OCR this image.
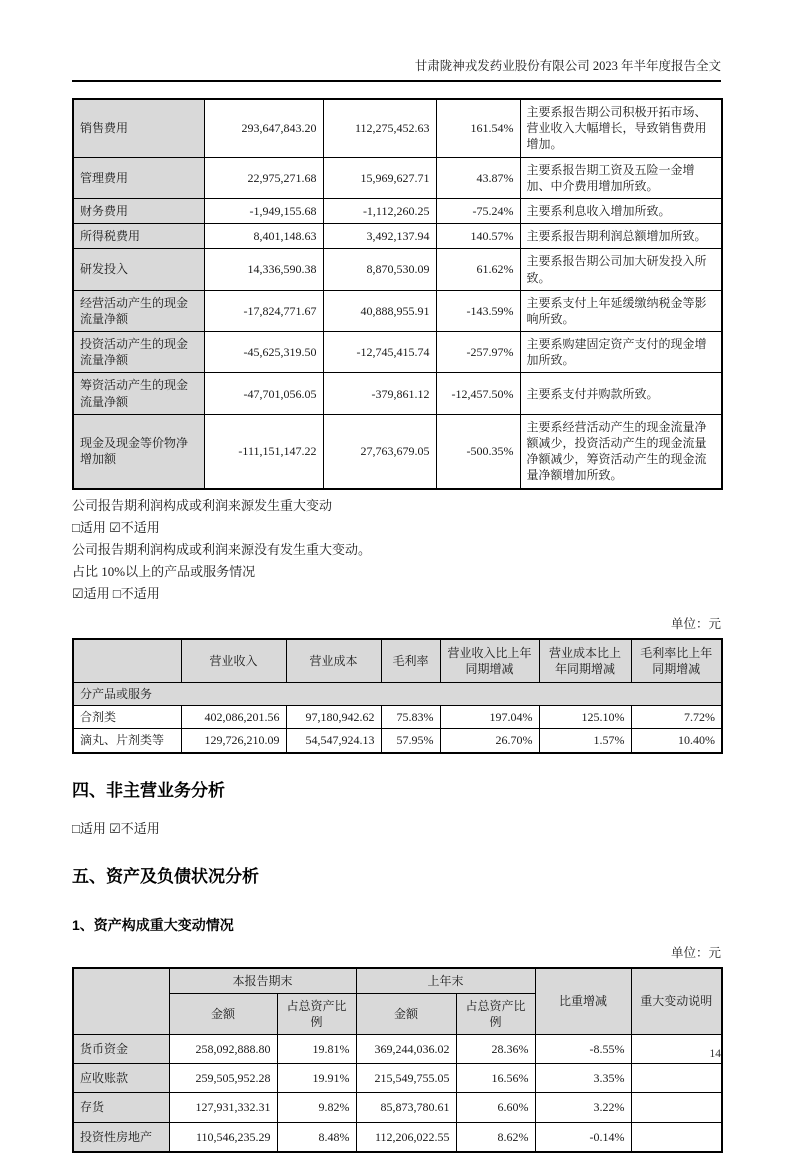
甘肃陇神戎发药业股份有限公司 2023 年半年度报告全文
销售费用	293,647,843.20	112,275,452.63	161.54%	主要系报告期公司积极开拓市场、营业收入大幅增长，导致销售费用增加。
管理费用	22,975,271.68	15,969,627.71	43.87%	主要系报告期工资及五险一金增加、中介费用增加所致。
财务费用	-1,949,155.68	-1,112,260.25	-75.24%	主要系利息收入增加所致。
所得税费用	8,401,148.63	3,492,137.94	140.57%	主要系报告期利润总额增加所致。
研发投入	14,336,590.38	8,870,530.09	61.62%	主要系报告期公司加大研发投入所致。
经营活动产生的现金流量净额	-17,824,771.67	40,888,955.91	-143.59%	主要系支付上年延缓缴纳税金等影响所致。
投资活动产生的现金流量净额	-45,625,319.50	-12,745,415.74	-257.97%	主要系购建固定资产支付的现金增加所致。
筹资活动产生的现金流量净额	-47,701,056.05	-379,861.12	-12,457.50%	主要系支付并购款所致。
现金及现金等价物净增加额	-111,151,147.22	27,763,679.05	-500.35%	主要系经营活动产生的现金流量净额减少，投资活动产生的现金流量净额减少，筹资活动产生的现金流量净额增加所致。

公司报告期利润构成或利润来源发生重大变动

□适用 ☑不适用

公司报告期利润构成或利润来源没有发生重大变动。

占比 10%以上的产品或服务情况

☑适用 □不适用

单位：元
	营业收入	营业成本	毛利率	营业收入比上年同期增减	营业成本比上年同期增减	毛利率比上年同期增减
分产品或服务						
合剂类	402,086,201.56	97,180,942.62	75.83%	197.04%	125.10%	7.72%
滴丸、片剂类等	129,726,210.09	54,547,924.13	57.95%	26.70%	1.57%	10.40%
四、非主营业务分析

□适用 ☑不适用

五、资产及负债状况分析
1、资产构成重大变动情况
单位：元
	本报告期末		上年末		比重增减	重大变动说明
	金额	占总资产比例	金额	占总资产比例		
货币资金	258,092,888.80	19.81%	369,244,036.02	28.36%	-8.55%	
应收账款	259,505,952.28	19.91%	215,549,755.05	16.56%	3.35%	
存货	127,931,332.31	9.82%	85,873,780.61	6.60%	3.22%	
投资性房地产	110,546,235.29	8.48%	112,206,022.55	8.62%	-0.14%	
14
